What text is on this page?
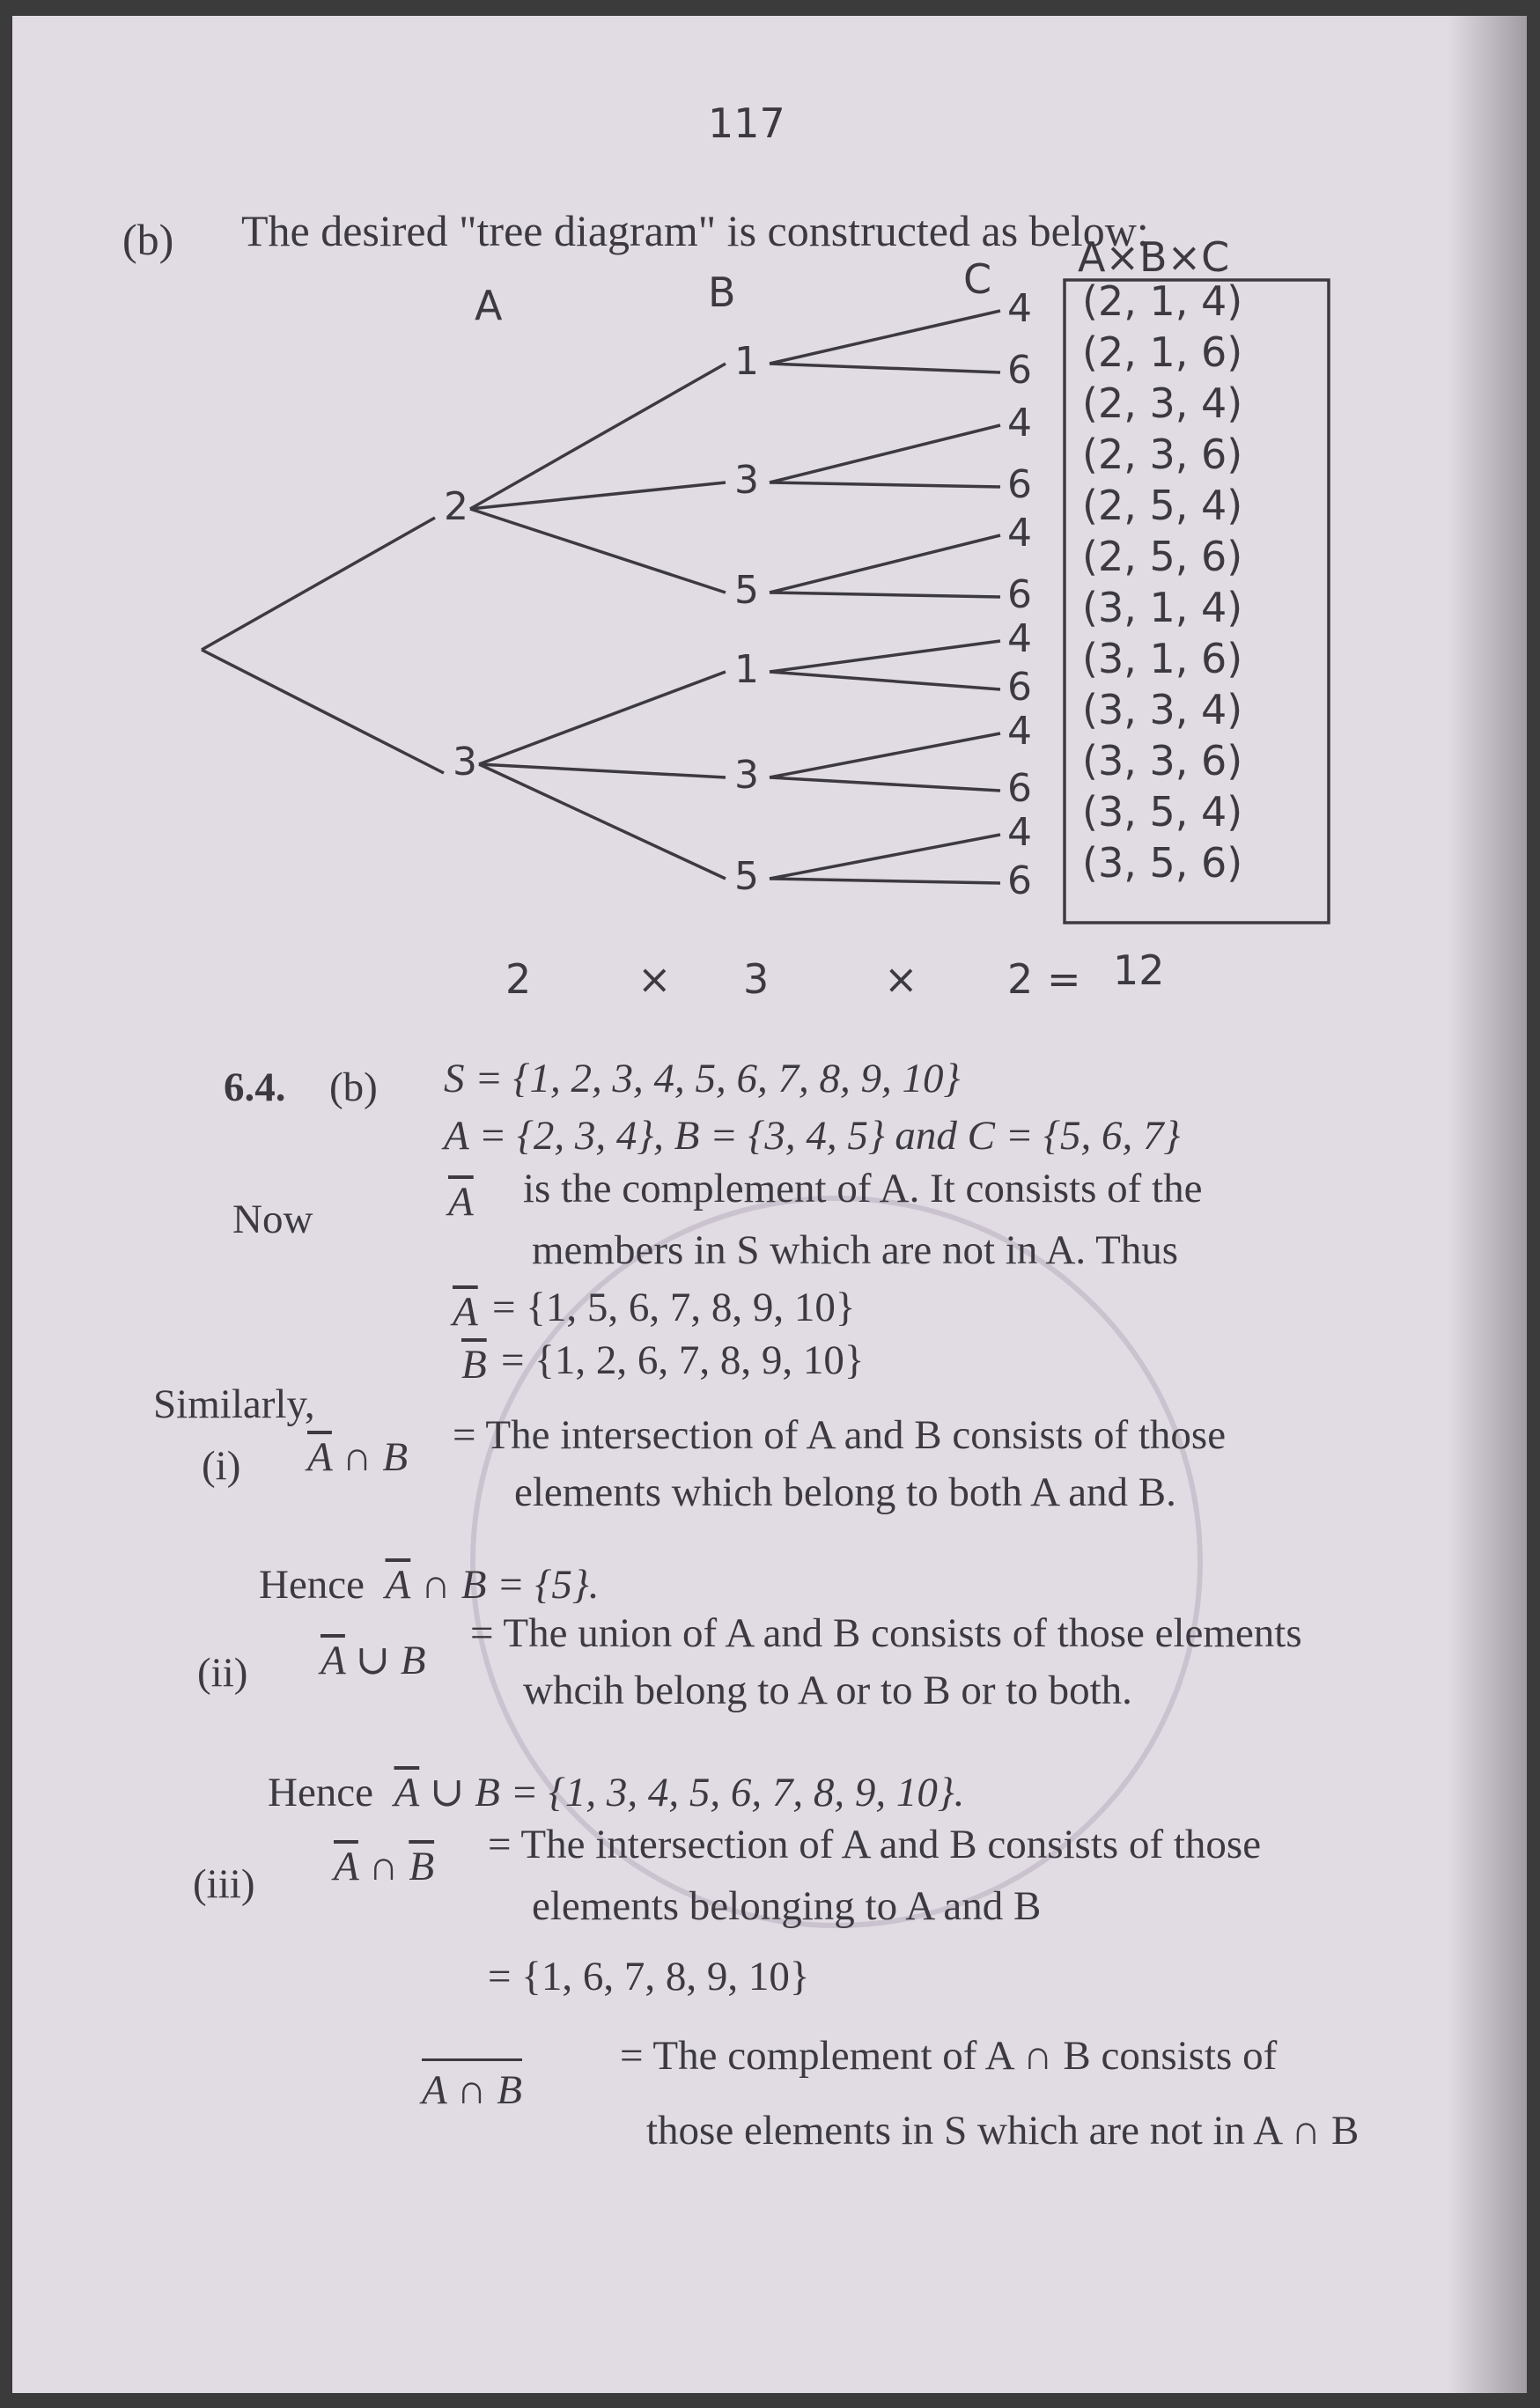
117
(b) The desired "tree diagram" is constructed as below:
A	B	C A×B×C
2
3
1
3
5
1
3
5
4
6
4
6
4
6
4
6
4
6
4
6
(2, 1, 4)
(2, 1, 6)
(2, 3, 4)
(2, 3, 6)
(2, 5, 4)
(2, 5, 6)
(3, 1, 4)
(3, 1, 6)
(3, 3, 4)
(3, 3, 6)
(3, 5, 4)
(3, 5, 6)
2	× 3	× 2 = 12
6.4. (b) S = {1, 2, 3, 4, 5, 6, 7, 8, 9, 10}
A = {2, 3, 4}, B = {3, 4, 5} and C = {5, 6, 7}
Now	$\overline{A}$ is the complement of A. It consists of the
members in S which are not in A. Thus
$\overline{A} = \{1$, 5, 6, 7, 8, 9, 10}
Similarly,
$\overline{B} = \{1$, 2, 6, 7, 8, 9, 10}
(i) $\overline{A}$ ∩ B = The intersection of A and B consists of those
elements which belong to both A and B.
Hence $\overline{A}$ ∩ B = {5}.
(ii) $\overline{A}$ ∪ B
= The union of A and B consists of those elements
whcih belong to A or to B or to both.
Hence $\overline{A}$ ∪ B = {1, 3, 4, 5, 6, 7, 8, 9, 10}.
(iii) $\overline{A}$ ∩ $\overline{B}$ = The intersection of A and B consists of those
elements belonging to A and B
= {1, 6, 7, 8, 9, 10}
A ∩ B
= The complement of A ∩ B consists of
those elements in S which are not in A ∩ B
